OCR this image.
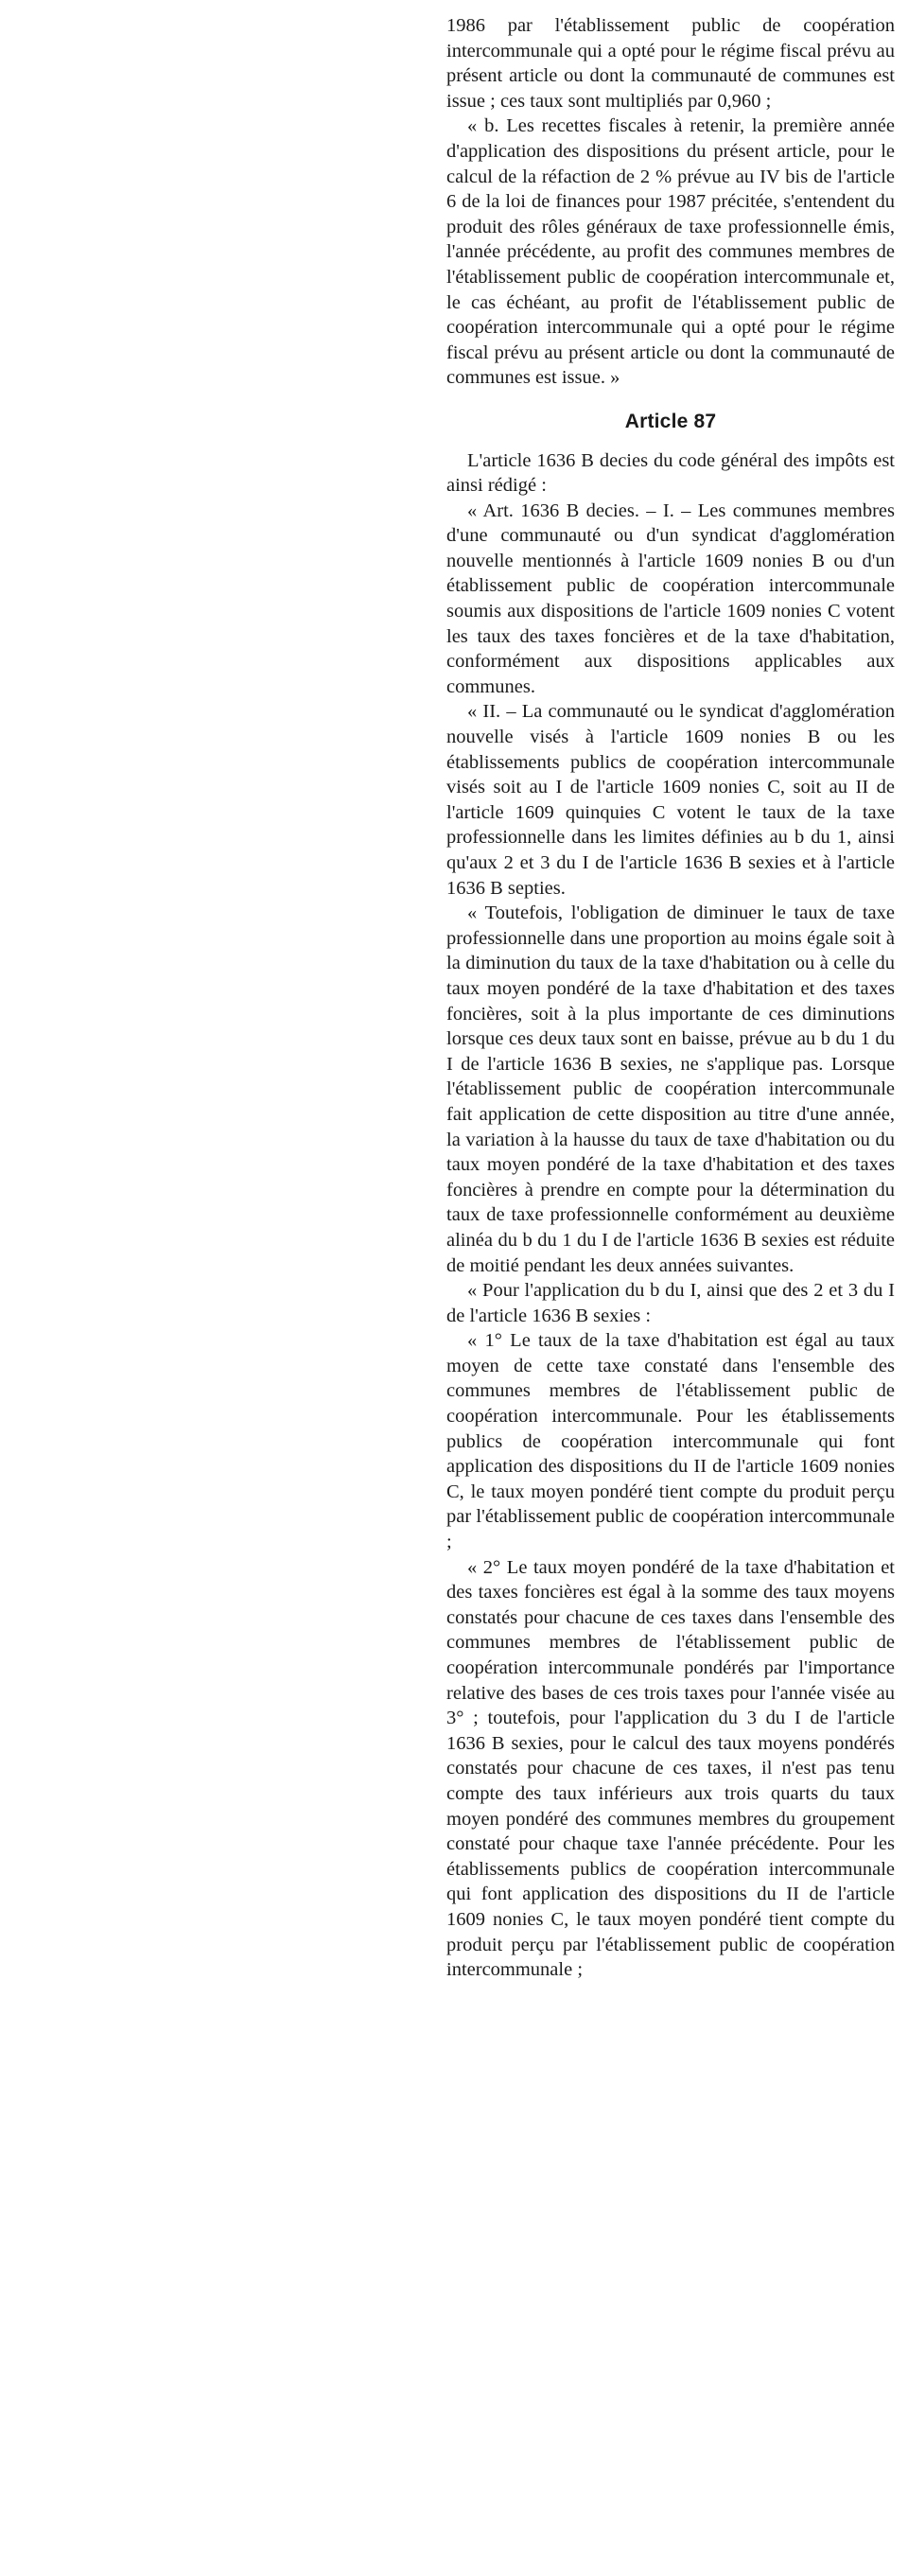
1986 par l'établissement public de coopération intercommunale qui a opté pour le régime fiscal prévu au présent article ou dont la communauté de communes est issue ; ces taux sont multipliés par 0,960 ;

« b. Les recettes fiscales à retenir, la première année d'application des dispositions du présent article, pour le calcul de la réfaction de 2 % prévue au IV bis de l'article 6 de la loi de finances pour 1987 précitée, s'entendent du produit des rôles généraux de taxe professionnelle émis, l'année précédente, au profit des communes membres de l'établissement public de coopération intercommunale et, le cas échéant, au profit de l'établissement public de coopération intercommunale qui a opté pour le régime fiscal prévu au présent article ou dont la communauté de communes est issue. »

Article 87

L'article 1636 B decies du code général des impôts est ainsi rédigé :

« Art. 1636 B decies. – I. – Les communes membres d'une communauté ou d'un syndicat d'agglomération nouvelle mentionnés à l'article 1609 nonies B ou d'un établissement public de coopération intercommunale soumis aux dispositions de l'article 1609 nonies C votent les taux des taxes foncières et de la taxe d'habitation, conformément aux dispositions applicables aux communes.

« II. – La communauté ou le syndicat d'agglomération nouvelle visés à l'article 1609 nonies B ou les établissements publics de coopération intercommunale visés soit au I de l'article 1609 nonies C, soit au II de l'article 1609 quinquies C votent le taux de la taxe professionnelle dans les limites définies au b du 1, ainsi qu'aux 2 et 3 du I de l'article 1636 B sexies et à l'article 1636 B septies.

« Toutefois, l'obligation de diminuer le taux de taxe professionnelle dans une proportion au moins égale soit à la diminution du taux de la taxe d'habitation ou à celle du taux moyen pondéré de la taxe d'habitation et des taxes foncières, soit à la plus importante de ces diminutions lorsque ces deux taux sont en baisse, prévue au b du 1 du I de l'article 1636 B sexies, ne s'applique pas. Lorsque l'établissement public de coopération intercommunale fait application de cette disposition au titre d'une année, la variation à la hausse du taux de taxe d'habitation ou du taux moyen pondéré de la taxe d'habitation et des taxes foncières à prendre en compte pour la détermination du taux de taxe professionnelle conformément au deuxième alinéa du b du 1 du I de l'article 1636 B sexies est réduite de moitié pendant les deux années suivantes.

« Pour l'application du b du I, ainsi que des 2 et 3 du I de l'article 1636 B sexies :

« 1° Le taux de la taxe d'habitation est égal au taux moyen de cette taxe constaté dans l'ensemble des communes membres de l'établissement public de coopération intercommunale. Pour les établissements publics de coopération intercommunale qui font application des dispositions du II de l'article 1609 nonies C, le taux moyen pondéré tient compte du produit perçu par l'établissement public de coopération intercommunale ;

« 2° Le taux moyen pondéré de la taxe d'habitation et des taxes foncières est égal à la somme des taux moyens constatés pour chacune de ces taxes dans l'ensemble des communes membres de l'établissement public de coopération intercommunale pondérés par l'importance relative des bases de ces trois taxes pour l'année visée au 3° ; toutefois, pour l'application du 3 du I de l'article 1636 B sexies, pour le calcul des taux moyens pondérés constatés pour chacune de ces taxes, il n'est pas tenu compte des taux inférieurs aux trois quarts du taux moyen pondéré des communes membres du groupement constaté pour chaque taxe l'année précédente. Pour les établissements publics de coopération intercommunale qui font application des dispositions du II de l'article 1609 nonies C, le taux moyen pondéré tient compte du produit perçu par l'établissement public de coopération intercommunale ;
